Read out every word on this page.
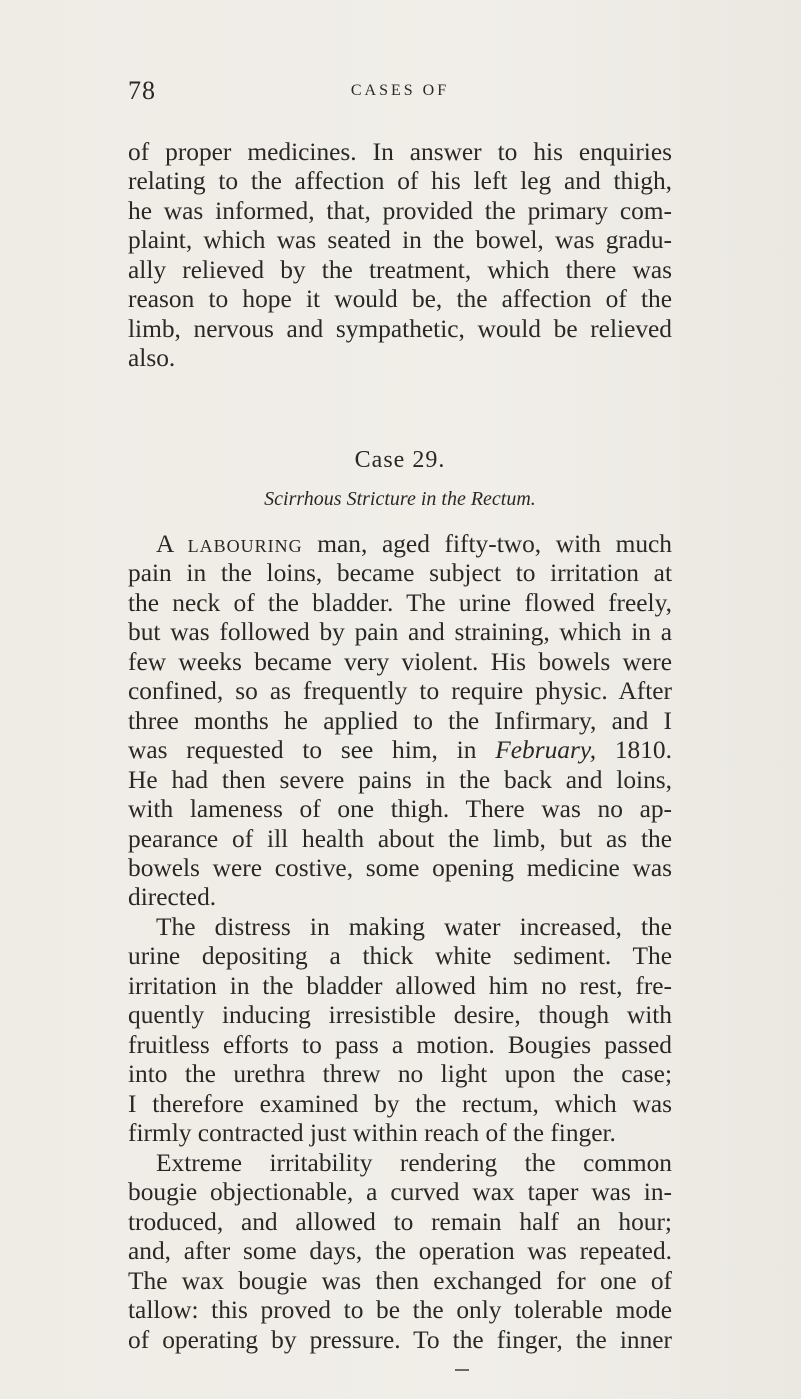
78	CASES OF

of proper medicines. In answer to his enquiries
relating to the affection of his left leg and thigh,
he was informed, that, provided the primary com-
plaint, which was seated in the bowel, was gradu-
ally relieved by the treatment, which there was
reason to hope it would be, the affection of the
limb, nervous and sympathetic, would be relieved
also.

Case 29.

Scirrhous Stricture in the Rectum.

A labouring man, aged fifty-two, with much
pain in the loins, became subject to irritation at
the neck of the bladder. The urine flowed freely,
but was followed by pain and straining, which in a
few weeks became very violent. His bowels were
confined, so as frequently to require physic. After
three months he applied to the Infirmary, and I
was requested to see him, in February, 1810.
He had then severe pains in the back and loins,
with lameness of one thigh. There was no ap-
pearance of ill health about the limb, but as the
bowels were costive, some opening medicine was
directed.

The distress in making water increased, the
urine depositing a thick white sediment. The
irritation in the bladder allowed him no rest, fre-
quently inducing irresistible desire, though with
fruitless efforts to pass a motion. Bougies passed
into the urethra threw no light upon the case;
I therefore examined by the rectum, which was
firmly contracted just within reach of the finger.

Extreme irritability rendering the common
bougie objectionable, a curved wax taper was in-
troduced, and allowed to remain half an hour;
and, after some days, the operation was repeated.
The wax bougie was then exchanged for one of
tallow: this proved to be the only tolerable mode
of operating by pressure. To the finger, the inner
